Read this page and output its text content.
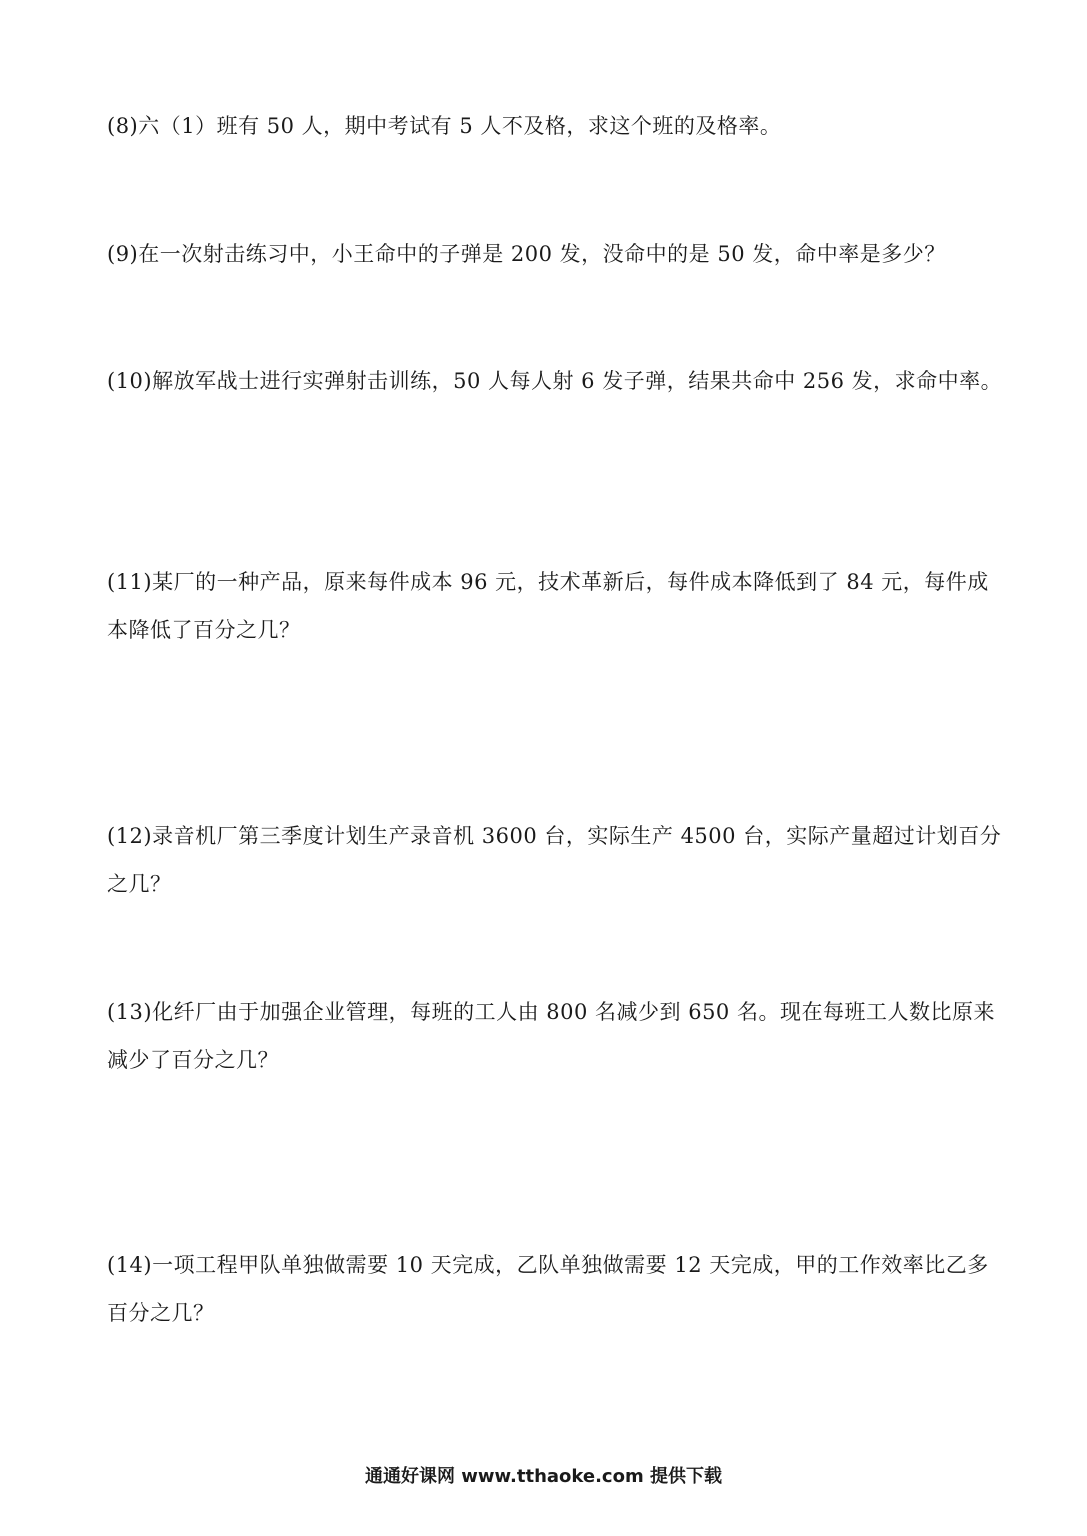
(8)六（1）班有 50 人，期中考试有 5 人不及格，求这个班的及格率。
(9)在一次射击练习中，小王命中的子弹是 200 发，没命中的是 50 发，命中率是多少？
(10)解放军战士进行实弹射击训练，50 人每人射 6 发子弹，结果共命中 256 发，求命中率。
(11)某厂的一种产品，原来每件成本 96 元，技术革新后，每件成本降低到了 84 元，每件成
本降低了百分之几？
(12)录音机厂第三季度计划生产录音机 3600 台，实际生产 4500 台，实际产量超过计划百分
之几？
(13)化纤厂由于加强企业管理，每班的工人由 800 名减少到 650 名。现在每班工人数比原来
减少了百分之几？
(14)一项工程甲队单独做需要 10 天完成，乙队单独做需要 12 天完成，甲的工作效率比乙多
百分之几？
通通好课网 www.tthaoke.com 提供下载
